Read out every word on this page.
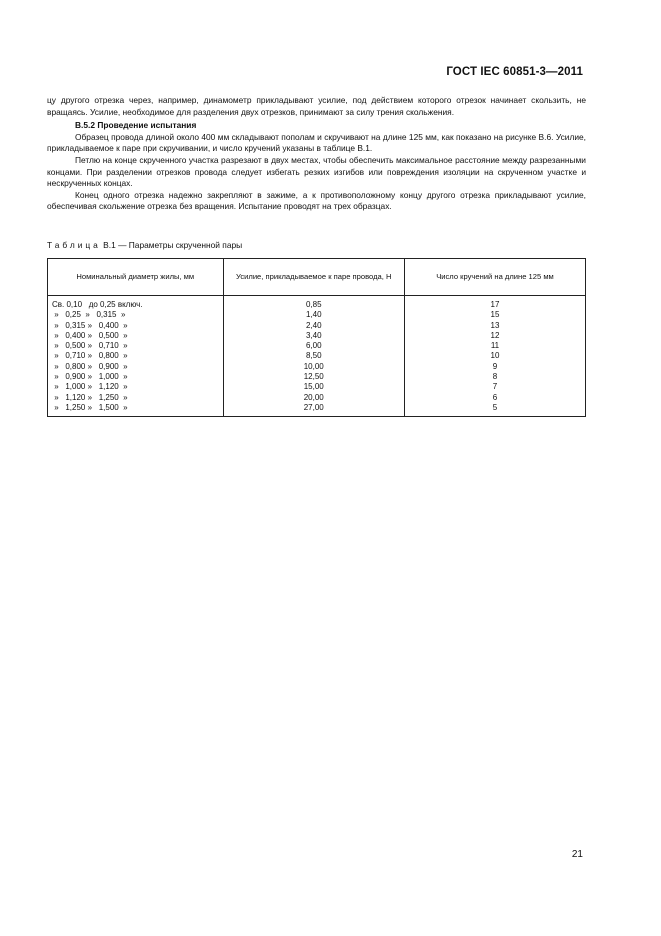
ГОСТ IEC 60851-3—2011

цу другого отрезка через, например, динамометр прикладывают усилие, под действием которого отрезок начинает скользить, не вращаясь. Усилие, необходимое для разделения двух отрезков, принимают за силу трения скольжения.

В.5.2 Проведение испытания

Образец провода длиной около 400 мм складывают пополам и скручивают на длине 125 мм, как показано на рисунке В.6. Усилие, прикладываемое к паре при скручивании, и число кручений указаны в таблице В.1.

Петлю на конце скрученного участка разрезают в двух местах, чтобы обеспечить максимальное расстояние между разрезанными концами. При разделении отрезков провода следует избегать резких изгибов или повреждения изоляции на скрученном участке и нескрученных концах.

Конец одного отрезка надежно закрепляют в зажиме, а к противоположному концу другого отрезка прикладывают усилие, обеспечивая скольжение отрезка без вращения. Испытание проводят на трех образцах.

Таблица В.1 — Параметры скрученной пары
Номинальный диаметр жилы, мм	Усилие, прикладываемое к паре провода, Н	Число кручений на длине 125 мм
Св. 0,10   до 0,25 включ.	0,85	17
»   0,25  »   0,315  »	1,40	15
»   0,315 »   0,400  »	2,40	13
»   0,400 »   0,500  »	3,40	12
»   0,500 »   0,710  »	6,00	11
»   0,710 »   0,800  »	8,50	10
»   0,800 »   0,900  »	10,00	9
»   0,900 »   1,000  »	12,50	8
»   1,000 »   1,120  »	15,00	7
»   1,120 »   1,250  »	20,00	6
»   1,250 »   1,500  »	27,00	5
21
